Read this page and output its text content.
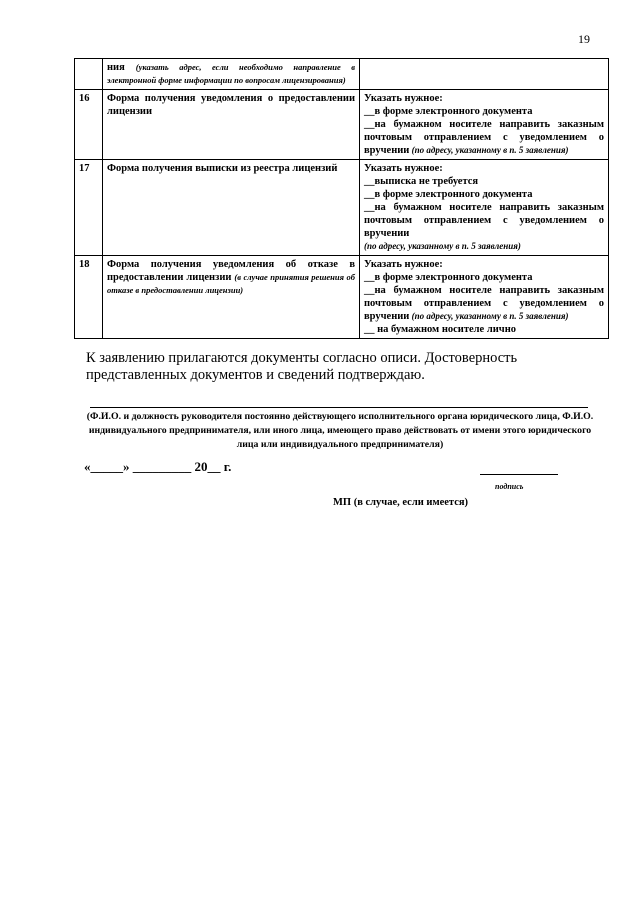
19
	ния (указать адрес, если необходимо направление в электронной форме информации по вопросам лицензирования)	
16	Форма получения уведомления о предоставлении лицензии	Указать нужное:
__в форме электронного документа
__на бумажном носителе направить заказным почтовым отправлением с уведомлением о вручении (по адресу, указанному в п. 5 заявления)
17	Форма получения выписки из реестра лицензий	Указать нужное:
__выписка не требуется
__в форме электронного документа
__на бумажном носителе направить заказным почтовым отправлением с уведомлением о вручении
(по адресу, указанному в п. 5 заявления)

18	Форма получения уведомления об отказе в предоставлении лицензии (в случае принятия решения об отказе в предоставлении лицензии)	Указать нужное:
__в форме электронного документа
__на бумажном носителе направить заказным почтовым отправлением с уведомлением о вручении (по адресу, указанному в п. 5 заявления)
__ на бумажном носителе лично
К заявлению прилагаются документы согласно описи. Достоверность представленных документов и сведений подтверждаю.
(Ф.И.О. и должность руководителя постоянно действующего исполнительного органа юридического лица, Ф.И.О. индивидуального предпринимателя, или иного лица, имеющего право действовать от имени этого юридического лица или индивидуального предпринимателя)
«_____» _________ 20__ г.
подпись
МП (в случае, если имеется)
